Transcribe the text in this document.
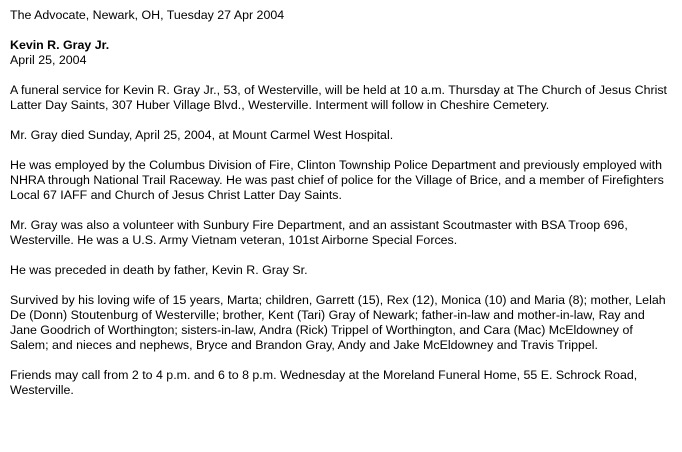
The Advocate, Newark, OH, Tuesday 27 Apr 2004

Kevin R. Gray Jr.

April 25, 2004

A funeral service for Kevin R. Gray Jr., 53, of Westerville, will be held at 10 a.m. Thursday at The Church of Jesus Christ Latter Day Saints, 307 Huber Village Blvd., Westerville. Interment will follow in Cheshire Cemetery.

Mr. Gray died Sunday, April 25, 2004, at Mount Carmel West Hospital.

He was employed by the Columbus Division of Fire, Clinton Township Police Department and previously employed with NHRA through National Trail Raceway. He was past chief of police for the Village of Brice, and a member of Firefighters Local 67 IAFF and Church of Jesus Christ Latter Day Saints.

Mr. Gray was also a volunteer with Sunbury Fire Department, and an assistant Scoutmaster with BSA Troop 696, Westerville. He was a U.S. Army Vietnam veteran, 101st Airborne Special Forces.

He was preceded in death by father, Kevin R. Gray Sr.

Survived by his loving wife of 15 years, Marta; children, Garrett (15), Rex (12), Monica (10) and Maria (8); mother, Lelah De (Donn) Stoutenburg of Westerville; brother, Kent (Tari) Gray of Newark; father-in-law and mother-in-law, Ray and Jane Goodrich of Worthington; sisters-in-law, Andra (Rick) Trippel of Worthington, and Cara (Mac) McEldowney of Salem; and nieces and nephews, Bryce and Brandon Gray, Andy and Jake McEldowney and Travis Trippel.

Friends may call from 2 to 4 p.m. and 6 to 8 p.m. Wednesday at the Moreland Funeral Home, 55 E. Schrock Road, Westerville.
